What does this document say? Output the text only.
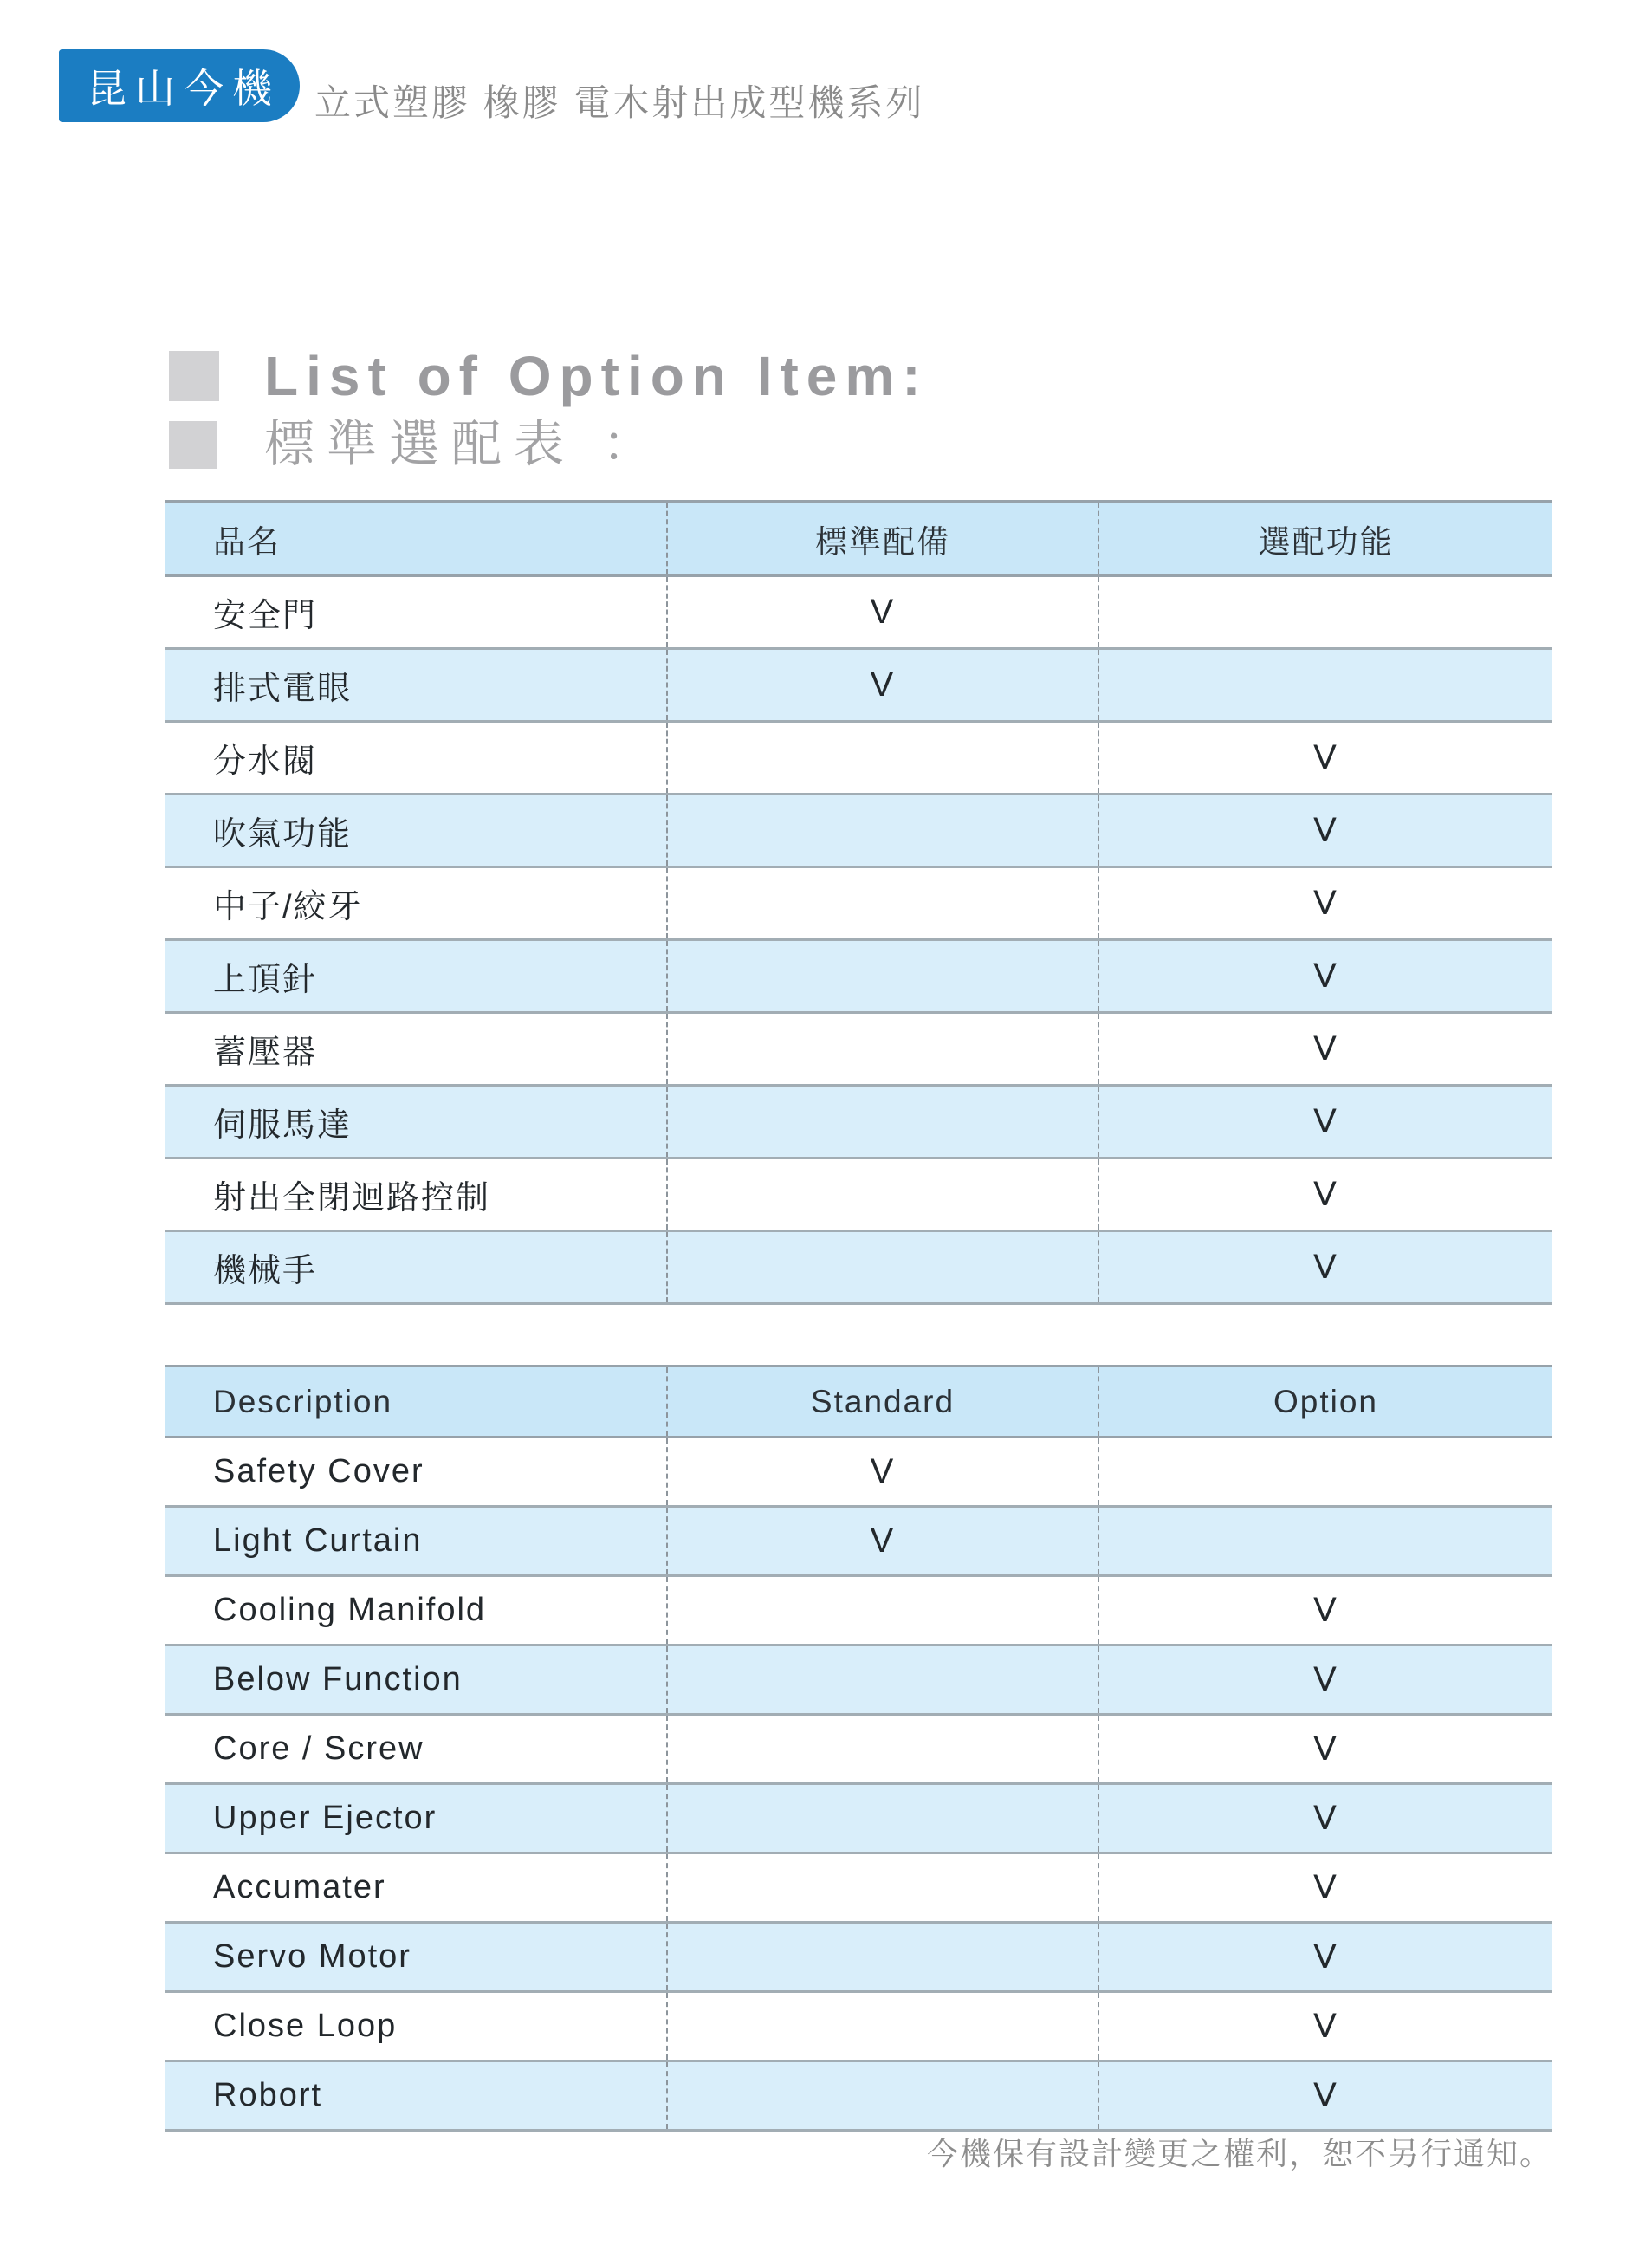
昆山今機 立式塑膠 橡膠 電木射出成型機系列
List of Option Item:
標準選配表 ：
品名	標準配備	選配功能
安全門	V	
排式電眼	V	
分水閥		V
吹氣功能		V
中子/絞牙		V
上頂針		V
蓄壓器		V
伺服馬達		V
射出全閉迴路控制		V
機械手		V
Description	Standard	Option
Safety Cover	V	
Light Curtain	V	
Cooling Manifold		V
Below Function		V
Core / Screw		V
Upper Ejector		V
Accumater		V
Servo Motor		V
Close Loop		V
Robort		V
今機保有設計變更之權利，恕不另行通知。
